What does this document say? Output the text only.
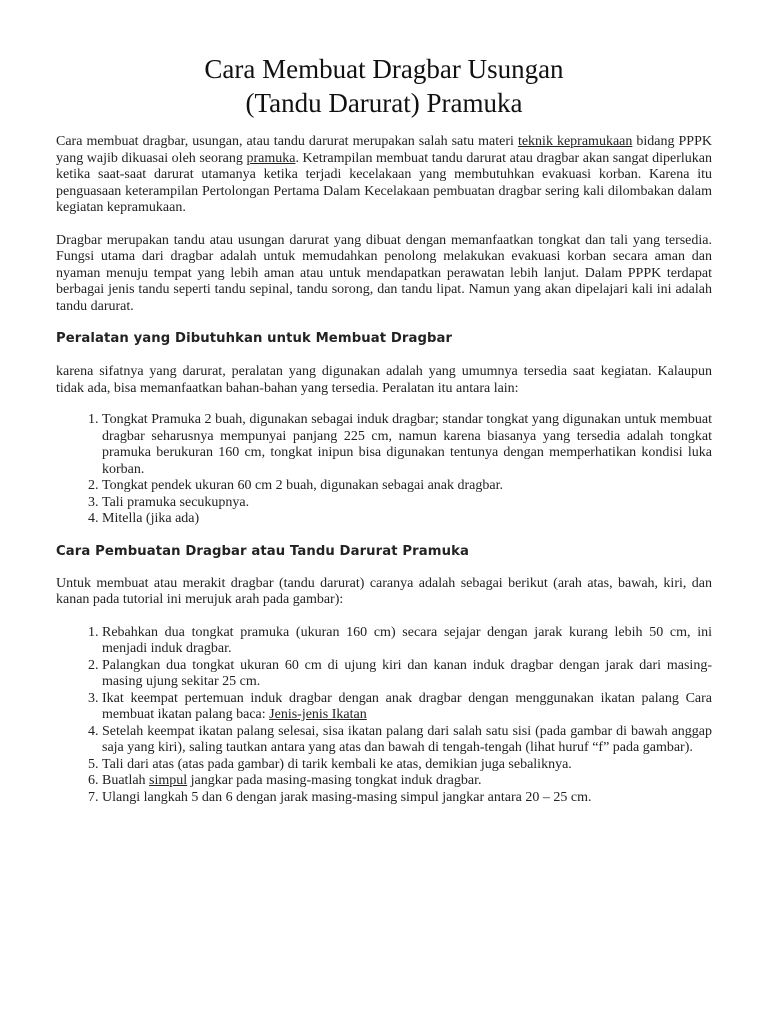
Cara Membuat Dragbar Usungan
(Tandu Darurat) Pramuka

Cara membuat dragbar, usungan, atau tandu darurat merupakan salah satu materi teknik kepramukaan bidang PPPK yang wajib dikuasai oleh seorang pramuka. Ketrampilan membuat tandu darurat atau dragbar akan sangat diperlukan ketika saat-saat darurat utamanya ketika terjadi kecelakaan yang membutuhkan evakuasi korban. Karena itu penguasaan keterampilan Pertolongan Pertama Dalam Kecelakaan pembuatan dragbar sering kali dilombakan dalam kegiatan kepramukaan.

Dragbar merupakan tandu atau usungan darurat yang dibuat dengan memanfaatkan tongkat dan tali yang tersedia. Fungsi utama dari dragbar adalah untuk memudahkan penolong melakukan evakuasi korban secara aman dan nyaman menuju tempat yang lebih aman atau untuk mendapatkan perawatan lebih lanjut. Dalam PPPK terdapat berbagai jenis tandu seperti tandu sepinal, tandu sorong, dan tandu lipat. Namun yang akan dipelajari kali ini adalah tandu darurat.

Peralatan yang Dibutuhkan untuk Membuat Dragbar

karena sifatnya yang darurat, peralatan yang digunakan adalah yang umumnya tersedia saat kegiatan. Kalaupun tidak ada, bisa memanfaatkan bahan-bahan yang tersedia. Peralatan itu antara lain:

1. Tongkat Pramuka 2 buah, digunakan sebagai induk dragbar; standar tongkat yang digunakan untuk membuat dragbar seharusnya mempunyai panjang 225 cm, namun karena biasanya yang tersedia adalah tongkat pramuka berukuran 160 cm, tongkat inipun bisa digunakan tentunya dengan memperhatikan kondisi luka korban.
2. Tongkat pendek ukuran 60 cm 2 buah, digunakan sebagai anak dragbar.
3. Tali pramuka secukupnya.
4. Mitella (jika ada)
Cara Pembuatan Dragbar atau Tandu Darurat Pramuka

Untuk membuat atau merakit dragbar (tandu darurat) caranya adalah sebagai berikut (arah atas, bawah, kiri, dan kanan pada tutorial ini merujuk arah pada gambar):

1. Rebahkan dua tongkat pramuka (ukuran 160 cm) secara sejajar dengan jarak kurang lebih 50 cm, ini menjadi induk dragbar.
2. Palangkan dua tongkat ukuran 60 cm di ujung kiri dan kanan induk dragbar dengan jarak dari masing-masing ujung sekitar 25 cm.
3. Ikat keempat pertemuan induk dragbar dengan anak dragbar dengan menggunakan ikatan palang Cara membuat ikatan palang baca: Jenis-jenis Ikatan
4. Setelah keempat ikatan palang selesai, sisa ikatan palang dari salah satu sisi (pada gambar di bawah anggap saja yang kiri), saling tautkan antara yang atas dan bawah di tengah-tengah (lihat huruf “f” pada gambar).
5. Tali dari atas (atas pada gambar) di tarik kembali ke atas, demikian juga sebaliknya.
6. Buatlah simpul jangkar pada masing-masing tongkat induk dragbar.
7. Ulangi langkah 5 dan 6 dengan jarak masing-masing simpul jangkar antara 20 – 25 cm.
